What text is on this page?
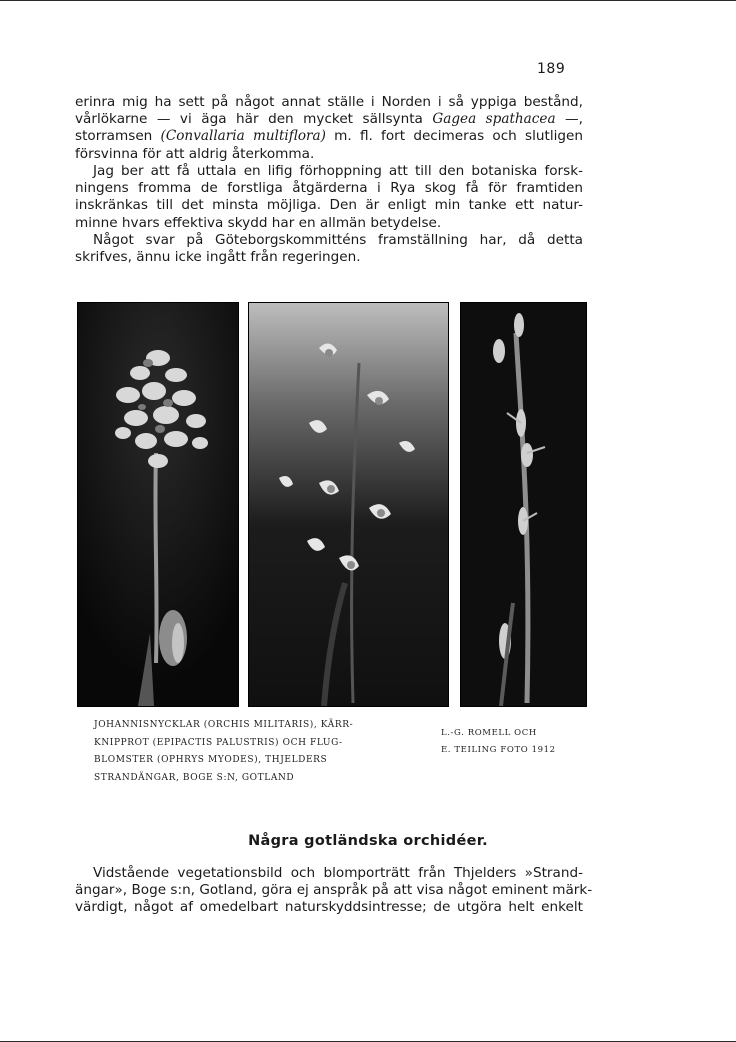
189
erinra mig ha sett på något annat ställe i Norden i så yppiga bestånd,
vårlökarne — vi äga här den mycket sällsynta Gagea spathacea —,
storramsen (Convallaria multiflora) m. fl. fort decimeras och slutligen
försvinna för att aldrig återkomma.
Jag ber att få uttala en lifig förhoppning att till den botaniska forsk-
ningens fromma de forstliga åtgärderna i Rya skog få för framtiden
inskränkas till det minsta möjliga. Den är enligt min tanke ett natur-
minne hvars effektiva skydd har en allmän betydelse.
Något svar på Göteborgskommitténs framställning har, då detta
skrifves, ännu icke ingått från regeringen.
JOHANNISNYCKLAR (ORCHIS MILITARIS), KÄRR-
KNIPPROT (EPIPACTIS PALUSTRIS) OCH FLUG-
BLOMSTER (OPHRYS MYODES), THJELDERS
STRANDÄNGAR, BOGE S:N, GOTLAND
L.-G. ROMELL OCH
E. TEILING FOTO 1912
Några gotländska orchidéer.
Vidstående vegetationsbild och blomporträtt från Thjelders »Strand-
ängar», Boge s:n, Gotland, göra ej anspråk på att visa något eminent märk-
värdigt, något af omedelbart naturskyddsintresse; de utgöra helt enkelt
